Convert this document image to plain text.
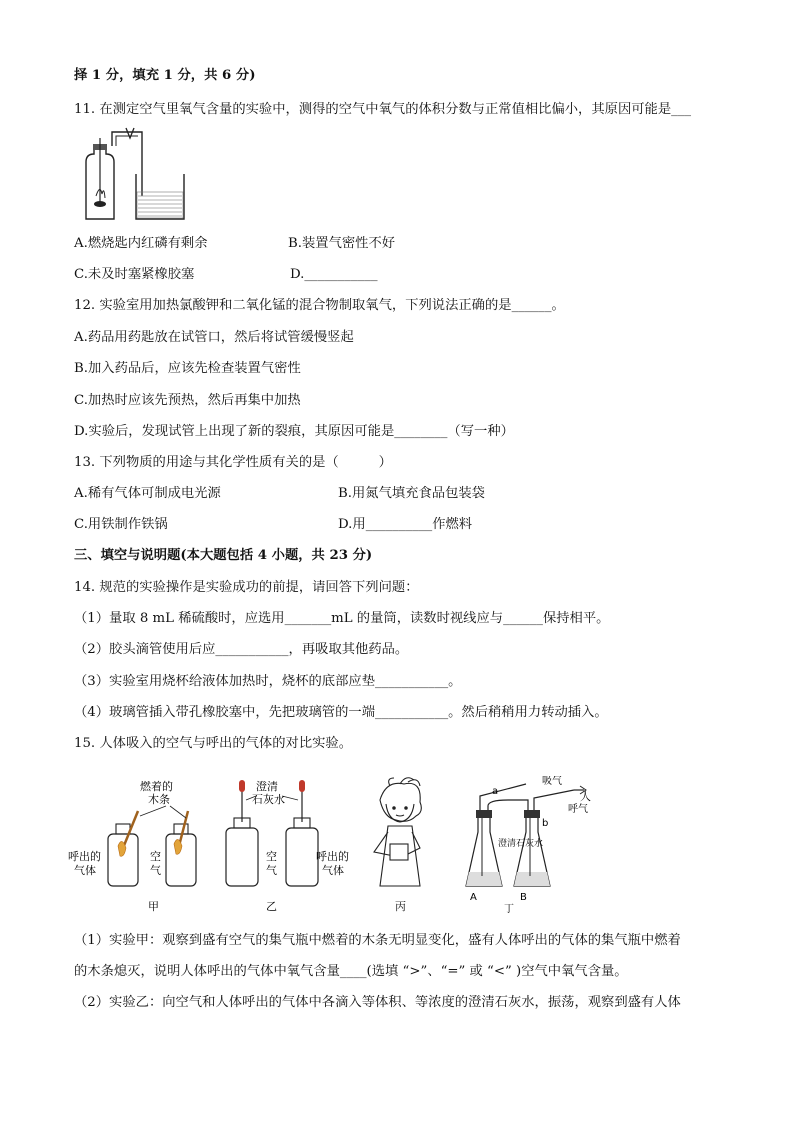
择 1 分，填充 1 分，共 6 分)
11. 在测定空气里氧气含量的实验中，测得的空气中氧气的体积分数与正常值相比偏小，其原因可能是___
A.燃烧匙内红磷有剩余	B.装置气密性不好
C.未及时塞紧橡胶塞	D.___________
12. 实验室用加热氯酸钾和二氧化锰的混合物制取氧气，下列说法正确的是______。
A.药品用药匙放在试管口，然后将试管缓慢竖起
B.加入药品后，应该先检查装置气密性
C.加热时应该先预热，然后再集中加热
D.实验后，发现试管上出现了新的裂痕，其原因可能是________（写一种）
13. 下列物质的用途与其化学性质有关的是（　　　）
A.稀有气体可制成电光源	B.用氮气填充食品包装袋
C.用铁制作铁锅	D.用__________作燃料
三、填空与说明题(本大题包括 4 小题，共 23 分)
14. 规范的实验操作是实验成功的前提，请回答下列问题：
（1）量取 8 mL 稀硫酸时，应选用_______mL 的量筒，读数时视线应与______保持相平。
（2）胶头滴管使用后应___________，再吸取其他药品。
（3）实验室用烧杯给液体加热时，烧杯的底部应垫___________。
（4）玻璃管插入带孔橡胶塞中，先把玻璃管的一端___________。然后稍稍用力转动插入。
15. 人体吸入的空气与呼出的气体的对比实验。
燃着的
木条
呼出的
气体
空
气
甲
澄清
石灰水
空
气
呼出的
气体
乙	丙
吸气
人
呼气
a
b
澄清石灰水
A	B
丁
（1）实验甲：观察到盛有空气的集气瓶中燃着的木条无明显变化，盛有人体呼出的气体的集气瓶中燃着
的木条熄灭，说明人体呼出的气体中氧气含量____(选填 “>”、“=” 或 “<” )空气中氧气含量。
（2）实验乙：向空气和人体呼出的气体中各滴入等体积、等浓度的澄清石灰水，振荡，观察到盛有人体
